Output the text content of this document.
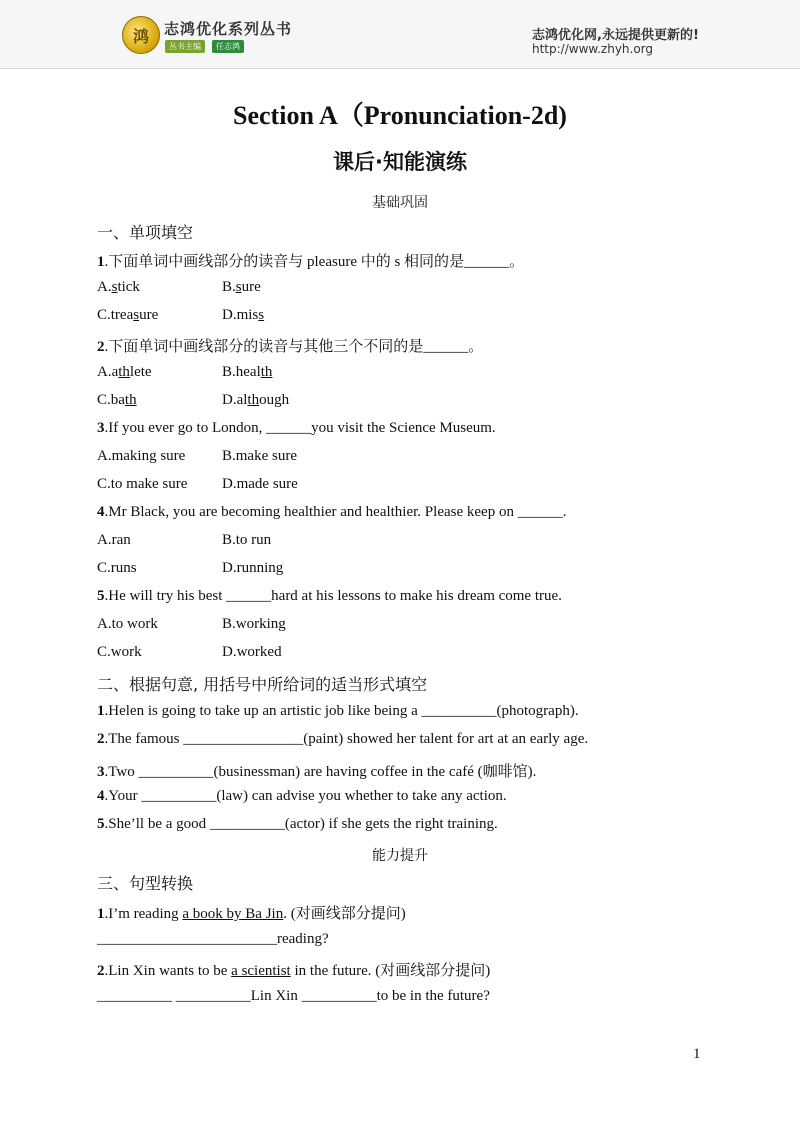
鸿	志鸿优化系列丛书
丛书主编	任志鸿
志鸿优化网,永远提供更新的!
http://www.zhyh.org
Section A（Pronunciation-2d)
课后·知能演练
基础巩固
一、单项填空
1.下面单词中画线部分的读音与 pleasure 中的 s 相同的是______。
A.stick	B.sure
C.treasure	D.miss
2.下面单词中画线部分的读音与其他三个不同的是______。
A.athlete	B.health
C.bath	D.although
3.If you ever go to London, ______you visit the Science Museum.
A.making sure B.make sure
C.to make sure D.made sure
4.Mr Black, you are becoming healthier and healthier. Please keep on ______.
A.ran	B.to run
C.runs	D.running
5.He will try his best ______hard at his lessons to make his dream come true.
A.to work	B.working
C.work	D.worked
二、根据句意, 用括号中所给词的适当形式填空
1.Helen is going to take up an artistic job like being a __________(photograph).
2.The famous ________________(paint) showed her talent for art at an early age.
3.Two __________(businessman) are having coffee in the café (咖啡馆).
4.Your __________(law) can advise you whether to take any action.
5.She’ll be a good __________(actor) if she gets the right training.
能力提升
三、句型转换
1.I’m reading a book by Ba Jin. (对画线部分提问)
________________________reading?
2.Lin Xin wants to be a scientist in the future. (对画线部分提问)
__________ __________Lin Xin __________to be in the future?
1
